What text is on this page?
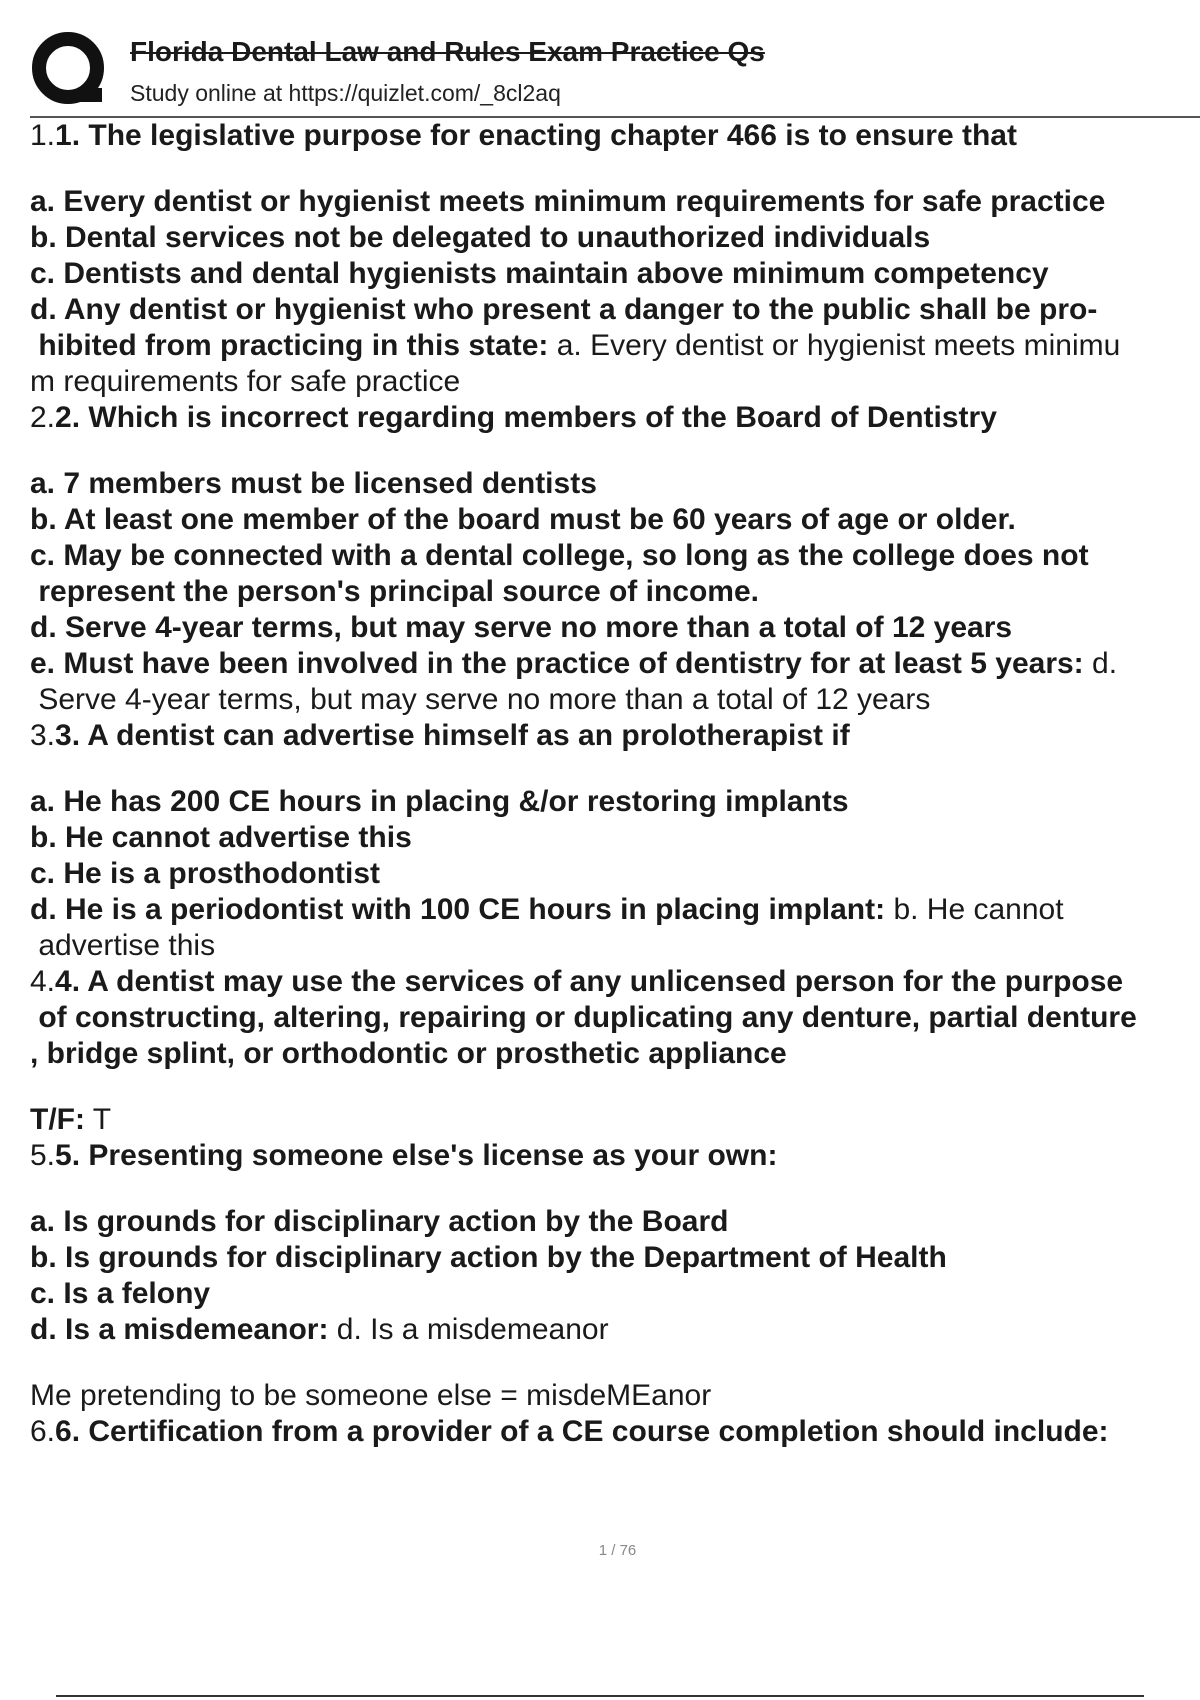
Florida Dental Law and Rules Exam Practice Qs
Study online at https://quizlet.com/_8cl2aq
1.1. The legislative purpose for enacting chapter 466 is to ensure that
a. Every dentist or hygienist meets minimum requirements for safe practice
b. Dental services not be delegated to unauthorized individuals
c. Dentists and dental hygienists maintain above minimum competency
d. Any dentist or hygienist who present a danger to the public shall be pro-
hibited from practicing in this state: a. Every dentist or hygienist meets minimu
m requirements for safe practice
2.2. Which is incorrect regarding members of the Board of Dentistry
a. 7 members must be licensed dentists
b. At least one member of the board must be 60 years of age or older.
c. May be connected with a dental college, so long as the college does not
represent the person's principal source of income.
d. Serve 4-year terms, but may serve no more than a total of 12 years
e. Must have been involved in the practice of dentistry for at least 5 years: d.
Serve 4-year terms, but may serve no more than a total of 12 years
3.3. A dentist can advertise himself as an prolotherapist if
a. He has 200 CE hours in placing &/or restoring implants
b. He cannot advertise this
c. He is a prosthodontist
d. He is a periodontist with 100 CE hours in placing implant: b. He cannot
advertise this
4.4. A dentist may use the services of any unlicensed person for the purpose
of constructing, altering, repairing or duplicating any denture, partial denture
, bridge splint, or orthodontic or prosthetic appliance
T/F: T
5.5. Presenting someone else's license as your own:
a. Is grounds for disciplinary action by the Board
b. Is grounds for disciplinary action by the Department of Health
c. Is a felony
d. Is a misdemeanor: d. Is a misdemeanor
Me pretending to be someone else = misdeMEanor
6.6. Certification from a provider of a CE course completion should include:
1 / 76
